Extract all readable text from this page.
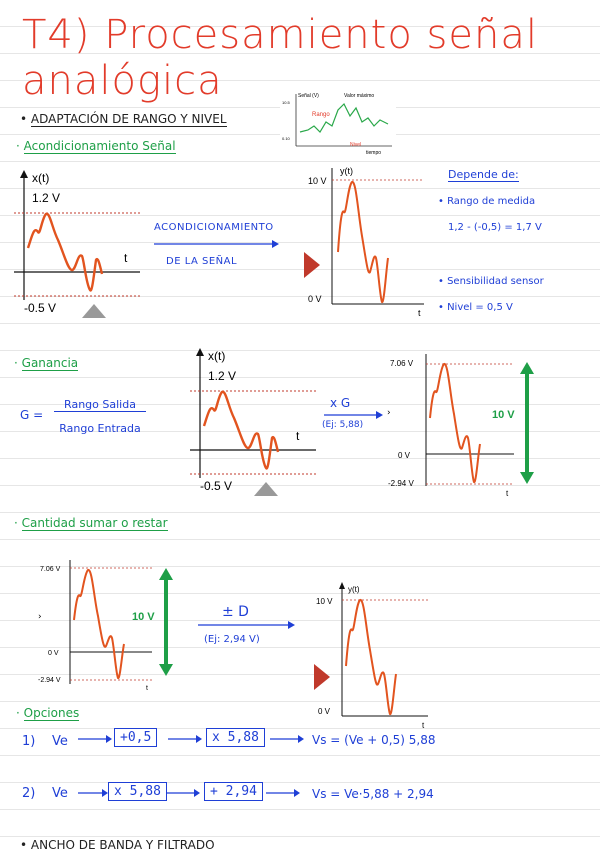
T4) Procesamiento señal analógica
• ADAPTACIÓN DE RANGO Y NIVEL
· Acondicionamiento Señal
Señal (V)	Valor máximo
Rango
Nivel
tiempo
10.5
0.10
x(t)
1.2 V
t
-0.5 V
ACONDICIONAMIENTO
DE LA SEÑAL
10 V
0 V
y(t)
t
Depende de:
• Rango de medida
1,2 - (-0,5) = 1,7 V
• Sensibilidad sensor
• Nivel = 0,5 V
· Ganancia
G =
Rango Salida
Rango Entrada
x(t)
1.2 V
t
-0.5 V
x G
(Ej: 5,88)
7.06 V
0 V
-2.94 V
t
10 V
›
· Cantidad sumar o restar
7.06 V
0 V
-2.94 V
t
10 V
›	± D
(Ej: 2,94 V)
10 V
0 V
y(t)
t
· Opciones
1) Ve	+0,5	x 5,88	Vs = (Ve + 0,5) 5,88
2) Ve	x 5,88	+ 2,94	Vs = Ve·5,88 + 2,94
• ANCHO DE BANDA Y FILTRADO
